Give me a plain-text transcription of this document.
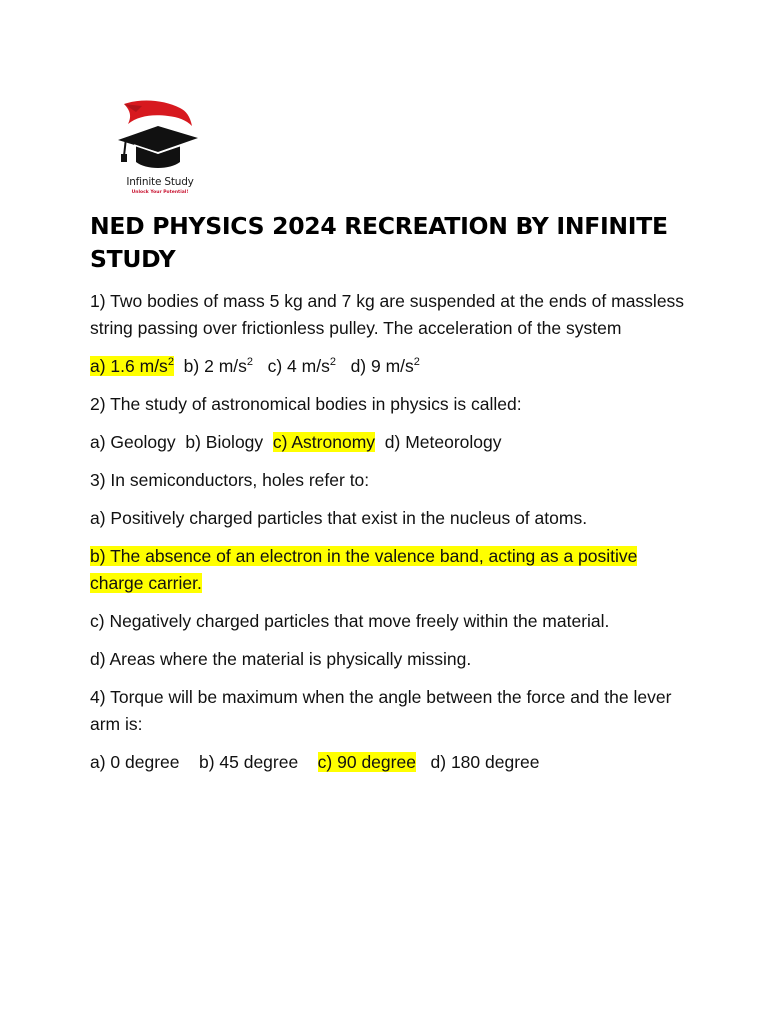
Infinite Study
Unlock Your Potential!
NED PHYSICS 2024 RECREATION BY INFINITE STUDY

1) Two bodies of mass 5 kg and 7 kg are suspended at the ends of massless string passing over frictionless pulley. The acceleration of the system

a) 1.6 $m/s^2$ b) 2 $m/s^2$ c) 4 $m/s^2$ d) 9 $m/s^2$

2) The study of astronomical bodies in physics is called:

a) Geology b) Biology c) Astronomy d) Meteorology

3) In semiconductors, holes refer to:

a) Positively charged particles that exist in the nucleus of atoms.

b) The absence of an electron in the valence band, acting as a positive charge carrier.

c) Negatively charged particles that move freely within the material.

d) Areas where the material is physically missing.

4) Torque will be maximum when the angle between the force and the lever arm is:

a) 0 degree b) 45 degree c) 90 degree d) 180 degree
